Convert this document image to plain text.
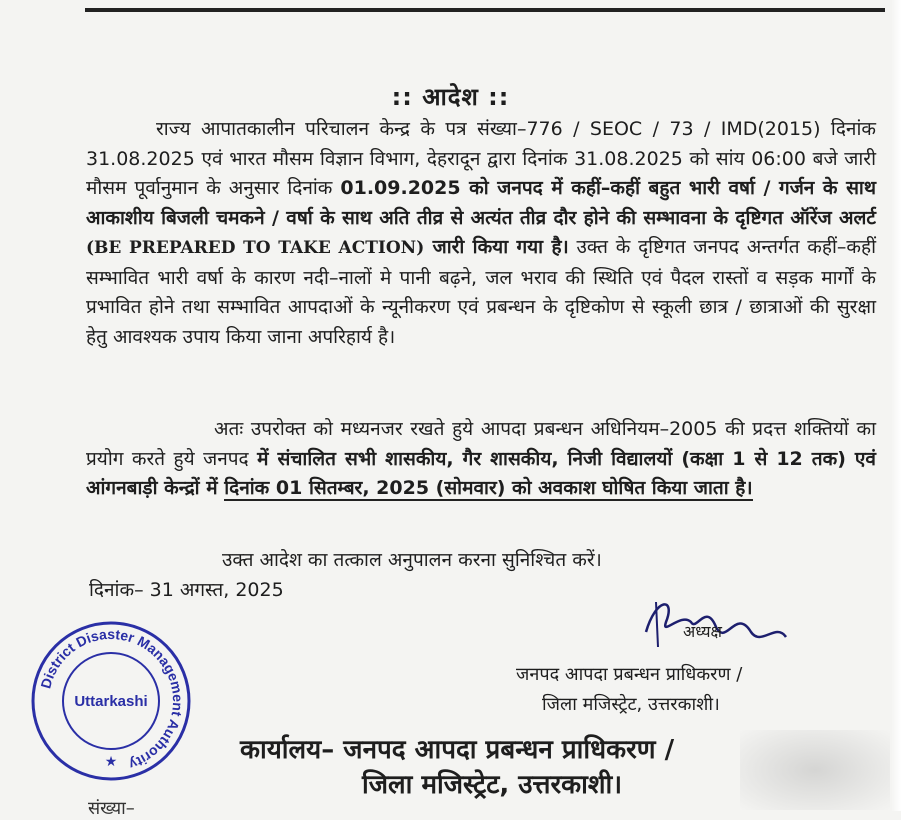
:: आदेश ::
राज्य आपातकालीन परिचालन केन्द्र के पत्र संख्या–776 / SEOC / 73 / IMD(2015) दिनांक 31.08.2025 एवं भारत मौसम विज्ञान विभाग, देहरादून द्वारा दिनांक 31.08.2025 को सांय 06:00 बजे जारी मौसम पूर्वानुमान के अनुसार दिनांक 01.09.2025 को जनपद में कहीं–कहीं बहुत भारी वर्षा / गर्जन के साथ आकाशीय बिजली चमकने / वर्षा के साथ अति तीव्र से अत्यंत तीव्र दौर होने की सम्भावना के दृष्टिगत ऑरेंज अलर्ट (BE PREPARED TO TAKE ACTION) जारी किया गया है। उक्त के दृष्टिगत जनपद अन्तर्गत कहीं–कहीं सम्भावित भारी वर्षा के कारण नदी–नालों मे पानी बढ़ने, जल भराव की स्थिति एवं पैदल रास्तों व सड़क मार्गों के प्रभावित होने तथा सम्भावित आपदाओं के न्यूनीकरण एवं प्रबन्धन के दृष्टिकोण से स्कूली छात्र / छात्राओं की सुरक्षा हेतु आवश्यक उपाय किया जाना अपरिहार्य है।
अतः उपरोक्त को मध्यनजर रखते हुये आपदा प्रबन्धन अधिनियम–2005 की प्रदत्त शक्तियों का प्रयोग करते हुये जनपद में संचालित सभी शासकीय, गैर शासकीय, निजी विद्यालयों (कक्षा 1 से 12 तक) एवं आंगनबाड़ी केन्द्रों में दिनांक 01 सितम्बर, 2025 (सोमवार) को अवकाश घोषित किया जाता है।
उक्त आदेश का तत्काल अनुपालन करना सुनिश्चित करें।
दिनांक– 31 अगस्त, 2025
अध्यक्ष
जनपद आपदा प्रबन्धन प्राधिकरण /
जिला मजिस्ट्रेट, उत्तरकाशी।
District Disaster Management Authority
Uttarkashi
★	कार्यालय– जनपद आपदा प्रबन्धन प्राधिकरण /
जिला मजिस्ट्रेट, उत्तरकाशी।
संख्या–
